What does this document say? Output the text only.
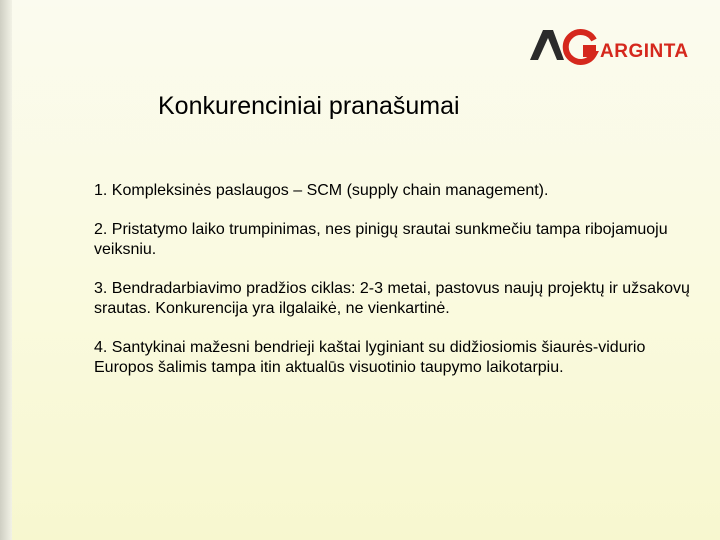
ARGINTA
Konkurenciniai pranašumai

1. Kompleksinės paslaugos – SCM (supply chain management).

2. Pristatymo laiko trumpinimas, nes pinigų srautai sunkmečiu tampa ribojamuoju veiksniu.

3. Bendradarbiavimo pradžios ciklas: 2-3 metai, pastovus naujų projektų ir užsakovų srautas. Konkurencija yra ilgalaikė, ne vienkartinė.

4. Santykinai mažesni bendrieji kaštai lyginiant su didžiosiomis šiaurės-vidurio Europos šalimis tampa itin aktualūs visuotinio taupymo laikotarpiu.
